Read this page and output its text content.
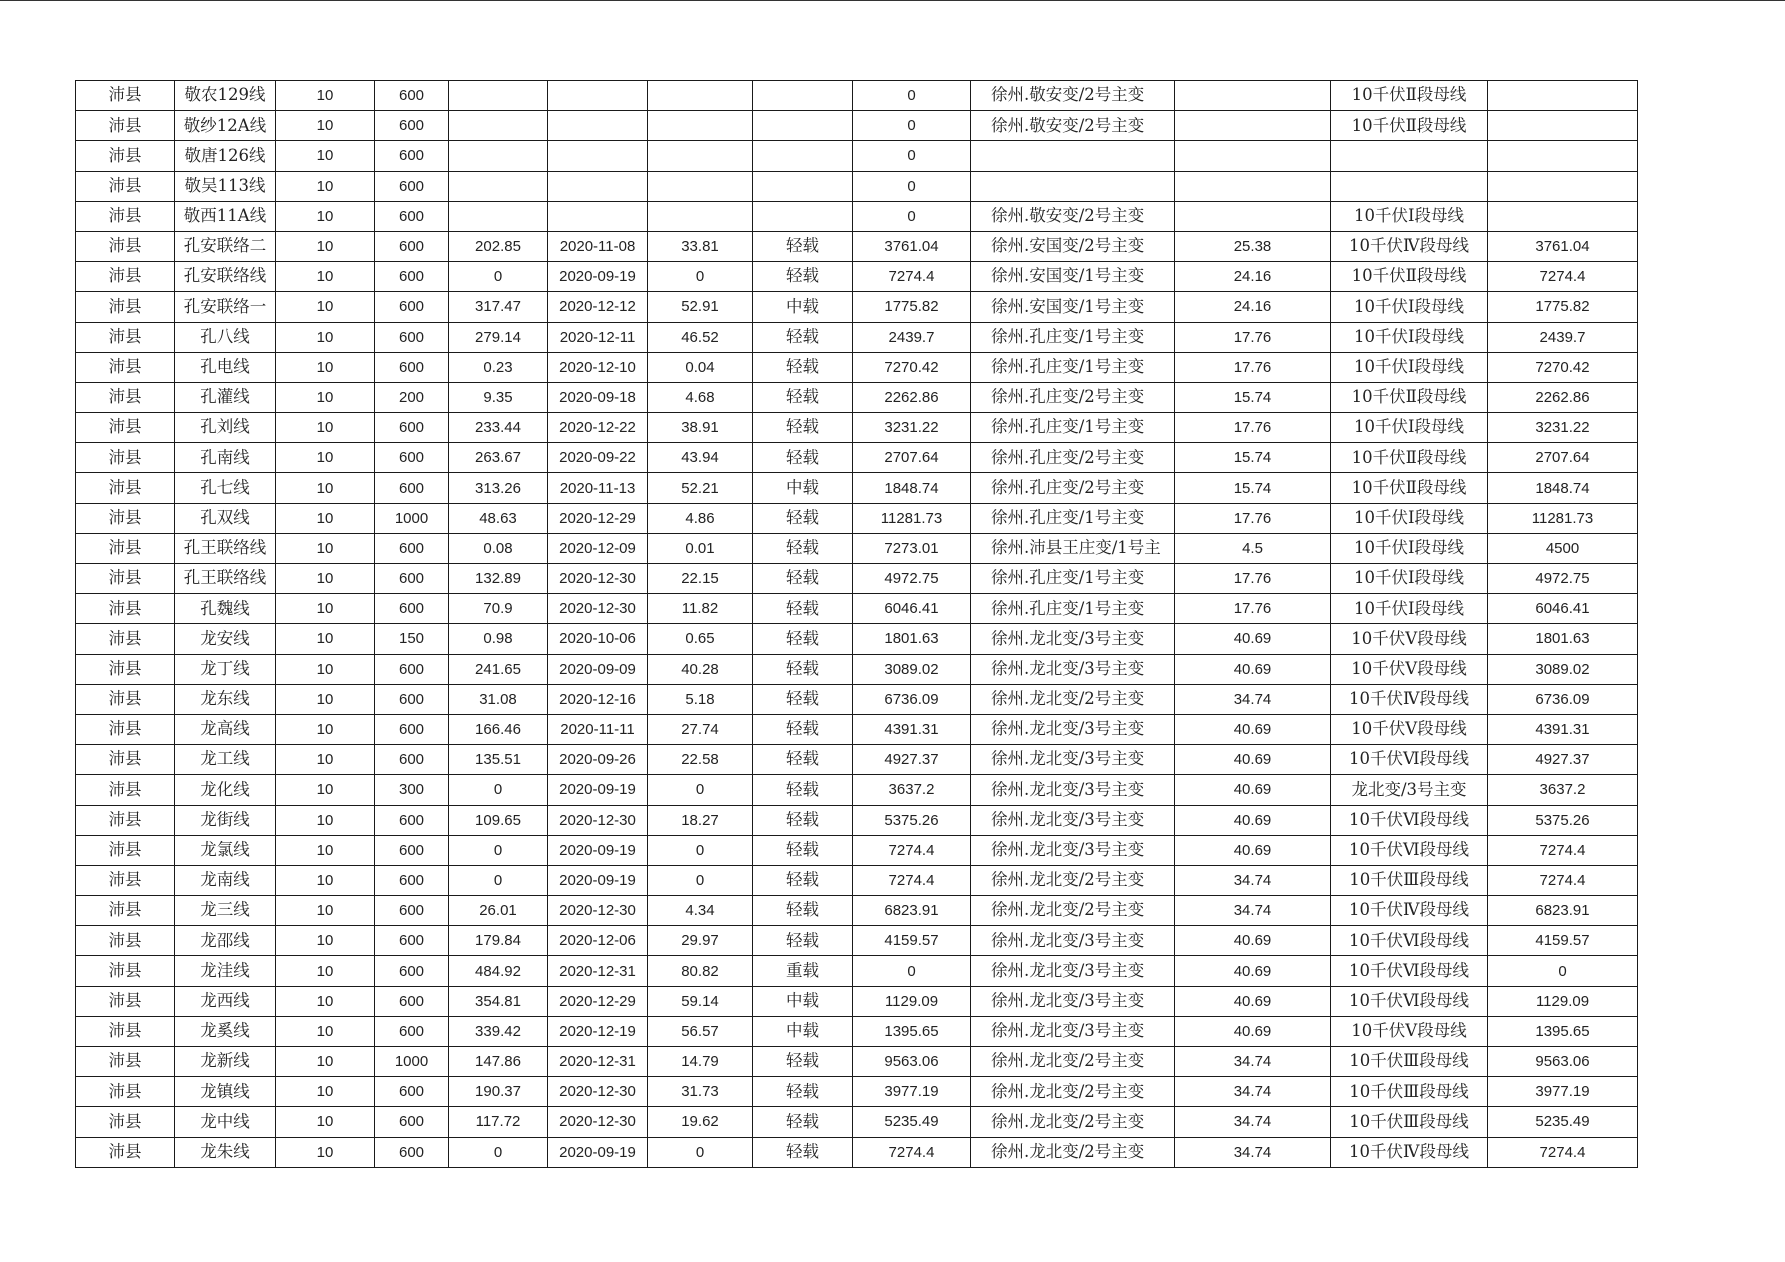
沛县	敬农129线	10	600					0	徐州.敬安变/2号主变		10千伏Ⅱ段母线	
沛县	敬纱12A线	10	600					0	徐州.敬安变/2号主变		10千伏Ⅱ段母线	
沛县	敬唐126线	10	600					0				
沛县	敬吴113线	10	600					0				
沛县	敬西11A线	10	600					0	徐州.敬安变/2号主变		10千伏Ⅰ段母线	
沛县	孔安联络二	10	600	202.85	2020-11-08	33.81	轻载	3761.04	徐州.安国变/2号主变	25.38	10千伏Ⅳ段母线	3761.04
沛县	孔安联络线	10	600	0	2020-09-19	0	轻载	7274.4	徐州.安国变/1号主变	24.16	10千伏Ⅱ段母线	7274.4
沛县	孔安联络一	10	600	317.47	2020-12-12	52.91	中载	1775.82	徐州.安国变/1号主变	24.16	10千伏Ⅰ段母线	1775.82
沛县	孔八线	10	600	279.14	2020-12-11	46.52	轻载	2439.7	徐州.孔庄变/1号主变	17.76	10千伏Ⅰ段母线	2439.7
沛县	孔电线	10	600	0.23	2020-12-10	0.04	轻载	7270.42	徐州.孔庄变/1号主变	17.76	10千伏Ⅰ段母线	7270.42
沛县	孔灌线	10	200	9.35	2020-09-18	4.68	轻载	2262.86	徐州.孔庄变/2号主变	15.74	10千伏Ⅱ段母线	2262.86
沛县	孔刘线	10	600	233.44	2020-12-22	38.91	轻载	3231.22	徐州.孔庄变/1号主变	17.76	10千伏Ⅰ段母线	3231.22
沛县	孔南线	10	600	263.67	2020-09-22	43.94	轻载	2707.64	徐州.孔庄变/2号主变	15.74	10千伏Ⅱ段母线	2707.64
沛县	孔七线	10	600	313.26	2020-11-13	52.21	中载	1848.74	徐州.孔庄变/2号主变	15.74	10千伏Ⅱ段母线	1848.74
沛县	孔双线	10	1000	48.63	2020-12-29	4.86	轻载	11281.73	徐州.孔庄变/1号主变	17.76	10千伏Ⅰ段母线	11281.73
沛县	孔王联络线	10	600	0.08	2020-12-09	0.01	轻载	7273.01	徐州.沛县王庄变/1号主	4.5	10千伏Ⅰ段母线	4500
沛县	孔王联络线	10	600	132.89	2020-12-30	22.15	轻载	4972.75	徐州.孔庄变/1号主变	17.76	10千伏Ⅰ段母线	4972.75
沛县	孔魏线	10	600	70.9	2020-12-30	11.82	轻载	6046.41	徐州.孔庄变/1号主变	17.76	10千伏Ⅰ段母线	6046.41
沛县	龙安线	10	150	0.98	2020-10-06	0.65	轻载	1801.63	徐州.龙北变/3号主变	40.69	10千伏Ⅴ段母线	1801.63
沛县	龙丁线	10	600	241.65	2020-09-09	40.28	轻载	3089.02	徐州.龙北变/3号主变	40.69	10千伏Ⅴ段母线	3089.02
沛县	龙东线	10	600	31.08	2020-12-16	5.18	轻载	6736.09	徐州.龙北变/2号主变	34.74	10千伏Ⅳ段母线	6736.09
沛县	龙高线	10	600	166.46	2020-11-11	27.74	轻载	4391.31	徐州.龙北变/3号主变	40.69	10千伏Ⅴ段母线	4391.31
沛县	龙工线	10	600	135.51	2020-09-26	22.58	轻载	4927.37	徐州.龙北变/3号主变	40.69	10千伏Ⅵ段母线	4927.37
沛县	龙化线	10	300	0	2020-09-19	0	轻载	3637.2	徐州.龙北变/3号主变	40.69	龙北变/3号主变	3637.2
沛县	龙街线	10	600	109.65	2020-12-30	18.27	轻载	5375.26	徐州.龙北变/3号主变	40.69	10千伏Ⅵ段母线	5375.26
沛县	龙氯线	10	600	0	2020-09-19	0	轻载	7274.4	徐州.龙北变/3号主变	40.69	10千伏Ⅵ段母线	7274.4
沛县	龙南线	10	600	0	2020-09-19	0	轻载	7274.4	徐州.龙北变/2号主变	34.74	10千伏Ⅲ段母线	7274.4
沛县	龙三线	10	600	26.01	2020-12-30	4.34	轻载	6823.91	徐州.龙北变/2号主变	34.74	10千伏Ⅳ段母线	6823.91
沛县	龙邵线	10	600	179.84	2020-12-06	29.97	轻载	4159.57	徐州.龙北变/3号主变	40.69	10千伏Ⅵ段母线	4159.57
沛县	龙洼线	10	600	484.92	2020-12-31	80.82	重载	0	徐州.龙北变/3号主变	40.69	10千伏Ⅵ段母线	0
沛县	龙西线	10	600	354.81	2020-12-29	59.14	中载	1129.09	徐州.龙北变/3号主变	40.69	10千伏Ⅵ段母线	1129.09
沛县	龙奚线	10	600	339.42	2020-12-19	56.57	中载	1395.65	徐州.龙北变/3号主变	40.69	10千伏Ⅴ段母线	1395.65
沛县	龙新线	10	1000	147.86	2020-12-31	14.79	轻载	9563.06	徐州.龙北变/2号主变	34.74	10千伏Ⅲ段母线	9563.06
沛县	龙镇线	10	600	190.37	2020-12-30	31.73	轻载	3977.19	徐州.龙北变/2号主变	34.74	10千伏Ⅲ段母线	3977.19
沛县	龙中线	10	600	117.72	2020-12-30	19.62	轻载	5235.49	徐州.龙北变/2号主变	34.74	10千伏Ⅲ段母线	5235.49
沛县	龙朱线	10	600	0	2020-09-19	0	轻载	7274.4	徐州.龙北变/2号主变	34.74	10千伏Ⅳ段母线	7274.4
